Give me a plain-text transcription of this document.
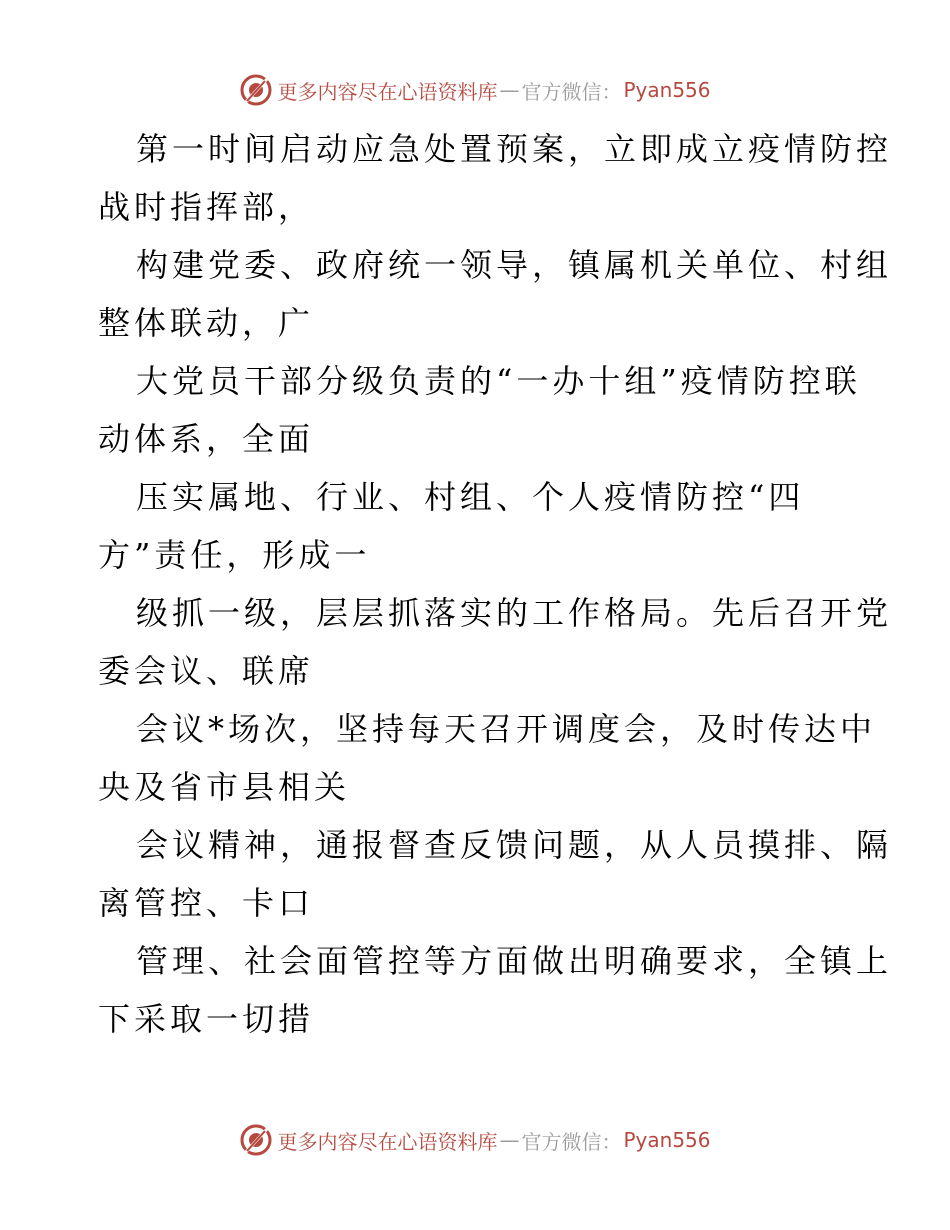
更多内容尽在心语资料库 — 官方微信： Pyan556

第一时间启动应急处置预案，立即成立疫情防控
战时指挥部，

构建党委、政府统一领导，镇属机关单位、村组
整体联动，广

大党员干部分级负责的“一办十组”疫情防控联
动体系，全面

压实属地、行业、村组、个人疫情防控“四
方”责任，形成一

级抓一级，层层抓落实的工作格局。先后召开党
委会议、联席

会议*场次，坚持每天召开调度会，及时传达中
央及省市县相关

会议精神，通报督查反馈问题，从人员摸排、隔
离管控、卡口

管理、社会面管控等方面做出明确要求，全镇上
下采取一切措

更多内容尽在心语资料库 — 官方微信： Pyan556
